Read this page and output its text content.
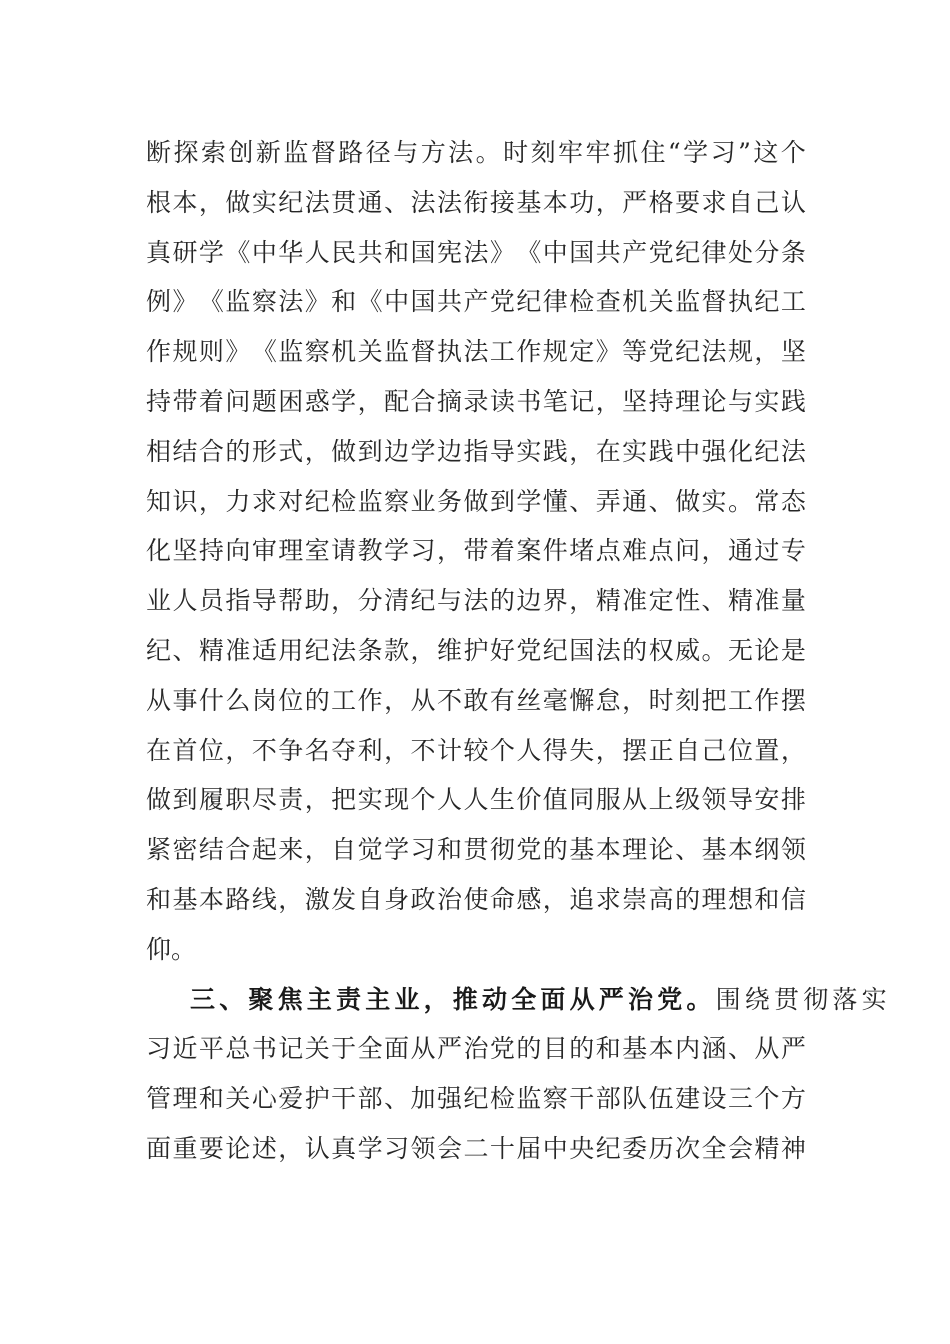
断 探 索 创 新 监 督 路 径 与 方 法 。 时 刻 牢 牢 抓 住 “ 学 习 ” 这 个
根 本 ， 做 实 纪 法 贯 通 、 法 法 衔 接 基 本 功 ， 严 格 要 求 自 己 认
真 研 学 《 中 华 人 民 共 和 国 宪 法 》 《 中 国 共 产 党 纪 律 处 分 条
例 》 《 监 察 法 》 和 《 中 国 共 产 党 纪 律 检 查 机 关 监 督 执 纪 工
作 规 则 》 《 监 察 机 关 监 督 执 法 工 作 规 定 》 等 党 纪 法 规 ， 坚
持 带 着 问 题 困 惑 学 ， 配 合 摘 录 读 书 笔 记 ， 坚 持 理 论 与 实 践
相 结 合 的 形 式 ， 做 到 边 学 边 指 导 实 践 ， 在 实 践 中 强 化 纪 法
知 识 ， 力 求 对 纪 检 监 察 业 务 做 到 学 懂 、 弄 通 、 做 实 。 常 态
化 坚 持 向 审 理 室 请 教 学 习 ， 带 着 案 件 堵 点 难 点 问 ， 通 过 专
业 人 员 指 导 帮 助 ， 分 清 纪 与 法 的 边 界 ， 精 准 定 性 、 精 准 量
纪 、 精 准 适 用 纪 法 条 款 ， 维 护 好 党 纪 国 法 的 权 威 。 无 论 是
从 事 什 么 岗 位 的 工 作 ， 从 不 敢 有 丝 毫 懈 怠 ， 时 刻 把 工 作 摆
在 首 位 ， 不 争 名 夺 利 ， 不 计 较 个 人 得 失 ， 摆 正 自 己 位 置 ，
做 到 履 职 尽 责 ， 把 实 现 个 人 人 生 价 值 同 服 从 上 级 领 导 安 排
紧 密 结 合 起 来 ， 自 觉 学 习 和 贯 彻 党 的 基 本 理 论 、 基 本 纲 领
和 基 本 路 线 ， 激 发 自 身 政 治 使 命 感 ， 追 求 崇 高 的 理 想 和 信
仰。
三、聚焦主责主业，推动全面从严治党。 围绕贯彻落实
习 近 平 总 书 记 关 于 全 面 从 严 治 党 的 目 的 和 基 本 内 涵 、 从 严
管 理 和 关 心 爱 护 干 部 、 加 强 纪 检 监 察 干 部 队 伍 建 设 三 个 方
面 重 要 论 述 ， 认 真 学 习 领 会 二 十 届 中 央 纪 委 历 次 全 会 精 神
